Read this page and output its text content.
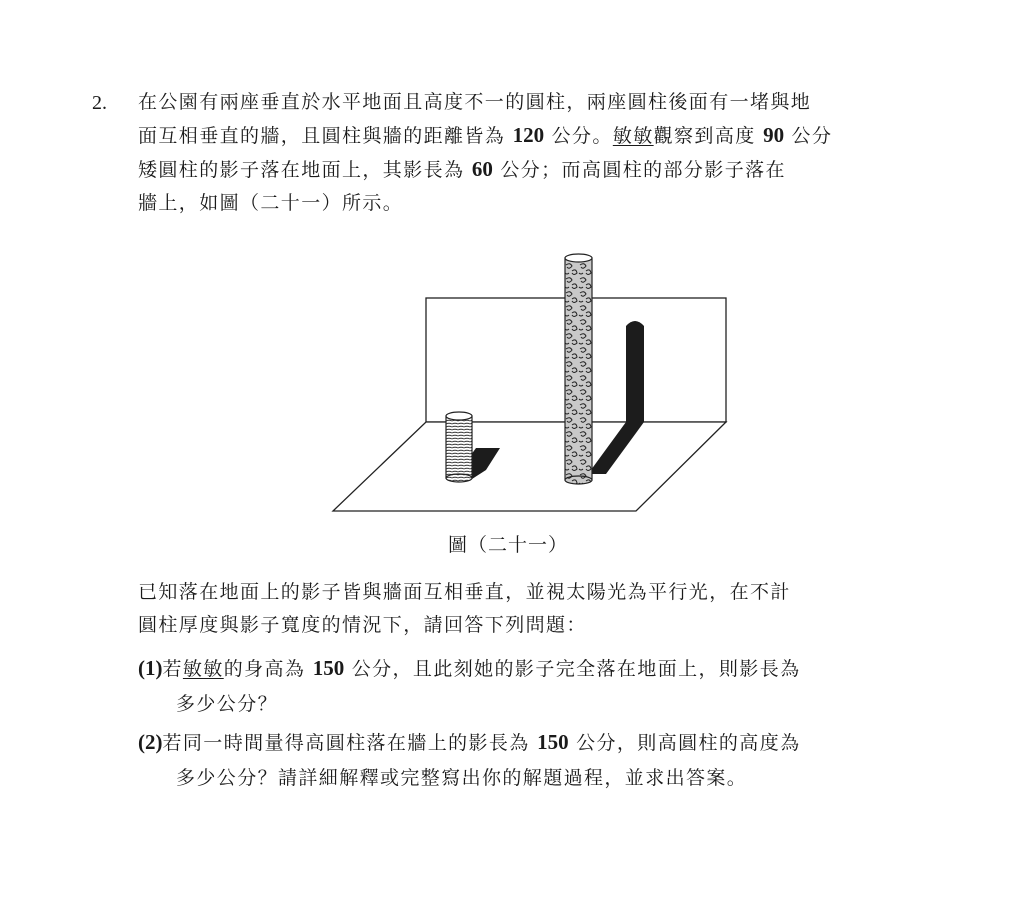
2. 在公園有兩座垂直於水平地面且高度不一的圓柱，兩座圓柱後面有一堵與地
面互相垂直的牆，且圓柱與牆的距離皆為 120 公分。敏敏觀察到高度 90 公分
矮圓柱的影子落在地面上，其影長為 60 公分；而高圓柱的部分影子落在
牆上，如圖（二十一）所示。
圖（二十一）
已知落在地面上的影子皆與牆面互相垂直，並視太陽光為平行光，在不計
圓柱厚度與影子寬度的情況下，請回答下列問題：
(1)若敏敏的身高為 150 公分，且此刻她的影子完全落在地面上，則影長為
多少公分？
(2)若同一時間量得高圓柱落在牆上的影長為 150 公分，則高圓柱的高度為
多少公分？請詳細解釋或完整寫出你的解題過程，並求出答案。
